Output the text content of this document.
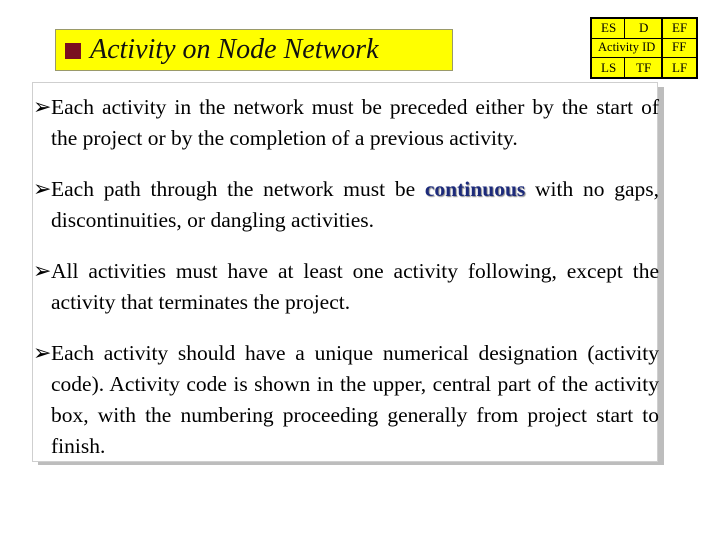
Activity on Node Network
ES D EF
Activity ID FF
LS TF LF
➢ Each activity in the network must be preceded either by the start of the project or by the completion of a previous activity.
➢ Each path through the network must be continuous with no gaps, discontinuities, or dangling activities.
➢ All activities must have at least one activity following, except the activity that terminates the project.
➢ Each activity should have a unique numerical designation (activity code). Activity code is shown in the upper, central part of the activity box, with the numbering proceeding generally from project start to finish.
